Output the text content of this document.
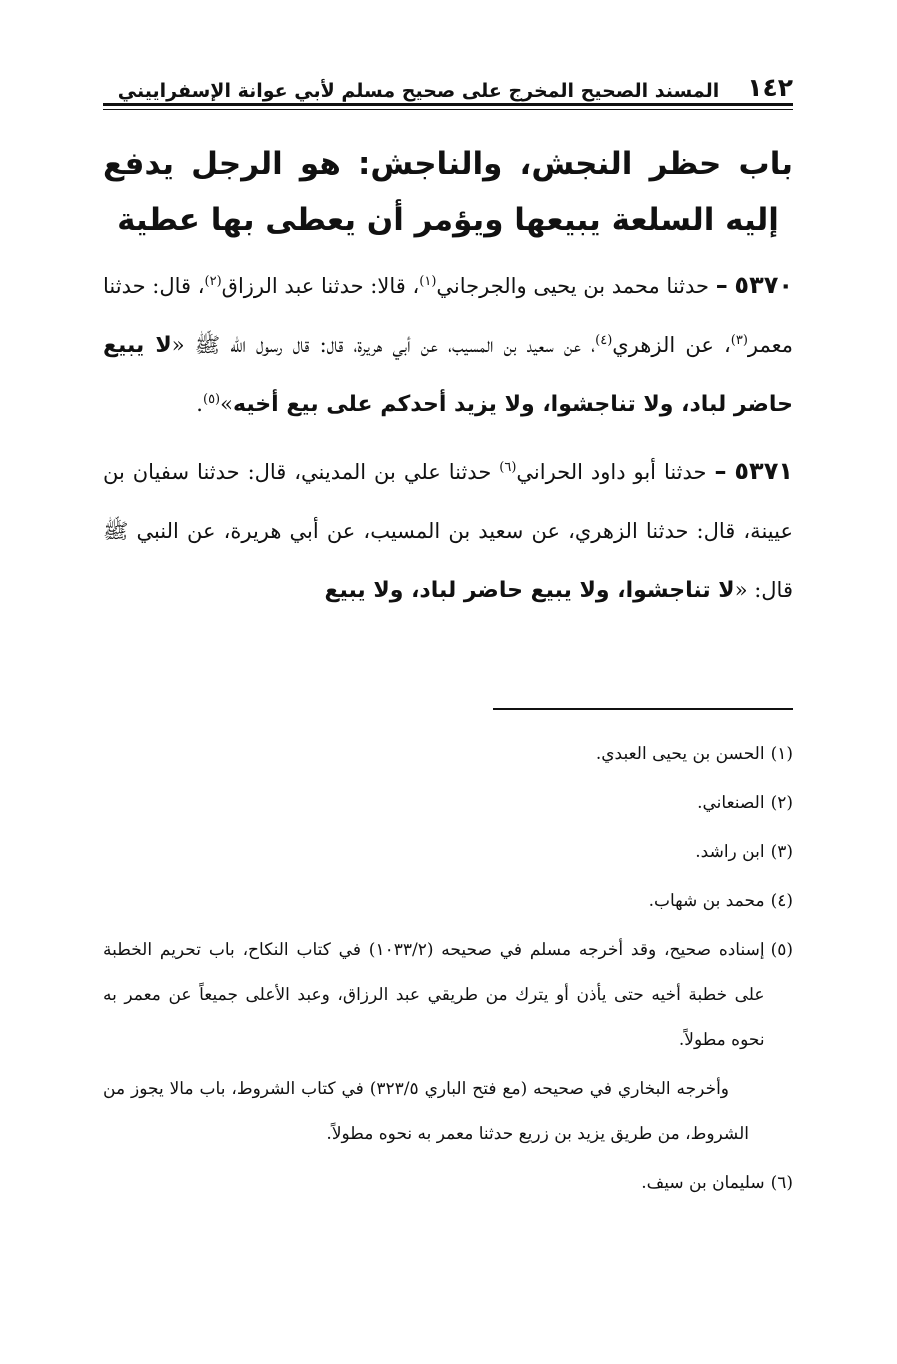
١٤٢
المسند الصحيح المخرج على صحيح مسلم لأبي عوانة الإسفراييني
باب حظر النجش، والناجش: هو الرجل يدفع إليه السلعة يبيعها ويؤمر أن يعطى بها عطية

٥٣٧٠ – حدثنا محمد بن يحيى والجرجاني$^{(١)}$، قالا: حدثنا عبد الرزاق$^{(٢)}$، قال: حدثنا معمر$^{(٣)}$، عن الزهري$^{(٤)}$، عن سعيد بن المسيب، عن أبي هريرة، قال: قال رسول الله ﷺ «لا يبيع حاضر لباد، ولا تناجشوا، ولا يزيد أحدكم على بيع أخيه»$^{(٥)}$.

٥٣٧١ – حدثنا أبو داود الحراني$^{(٦)}$ حدثنا علي بن المديني، قال: حدثنا سفيان بن عيينة، قال: حدثنا الزهري، عن سعيد بن المسيب، عن أبي هريرة، عن النبي ﷺ قال: «لا تناجشوا، ولا يبيع حاضر لباد، ولا يبيع

(١)
الحسن بن يحيى العبدي.
(٢)
الصنعاني.
(٣)
ابن راشد.
(٤)
محمد بن شهاب.
(٥)
إسناده صحيح، وقد أخرجه مسلم في صحيحه (١٠٣٣/٢) في كتاب النكاح، باب تحريم الخطبة على خطبة أخيه حتى يأذن أو يترك من طريقي عبد الرزاق، وعبد الأعلى جميعاً عن معمر به نحوه مطولاً.
وأخرجه البخاري في صحيحه (مع فتح الباري ٣٢٣/٥) في كتاب الشروط، باب مالا يجوز من الشروط، من طريق يزيد بن زريع حدثنا معمر به نحوه مطولاً.
(٦)
سليمان بن سيف.
